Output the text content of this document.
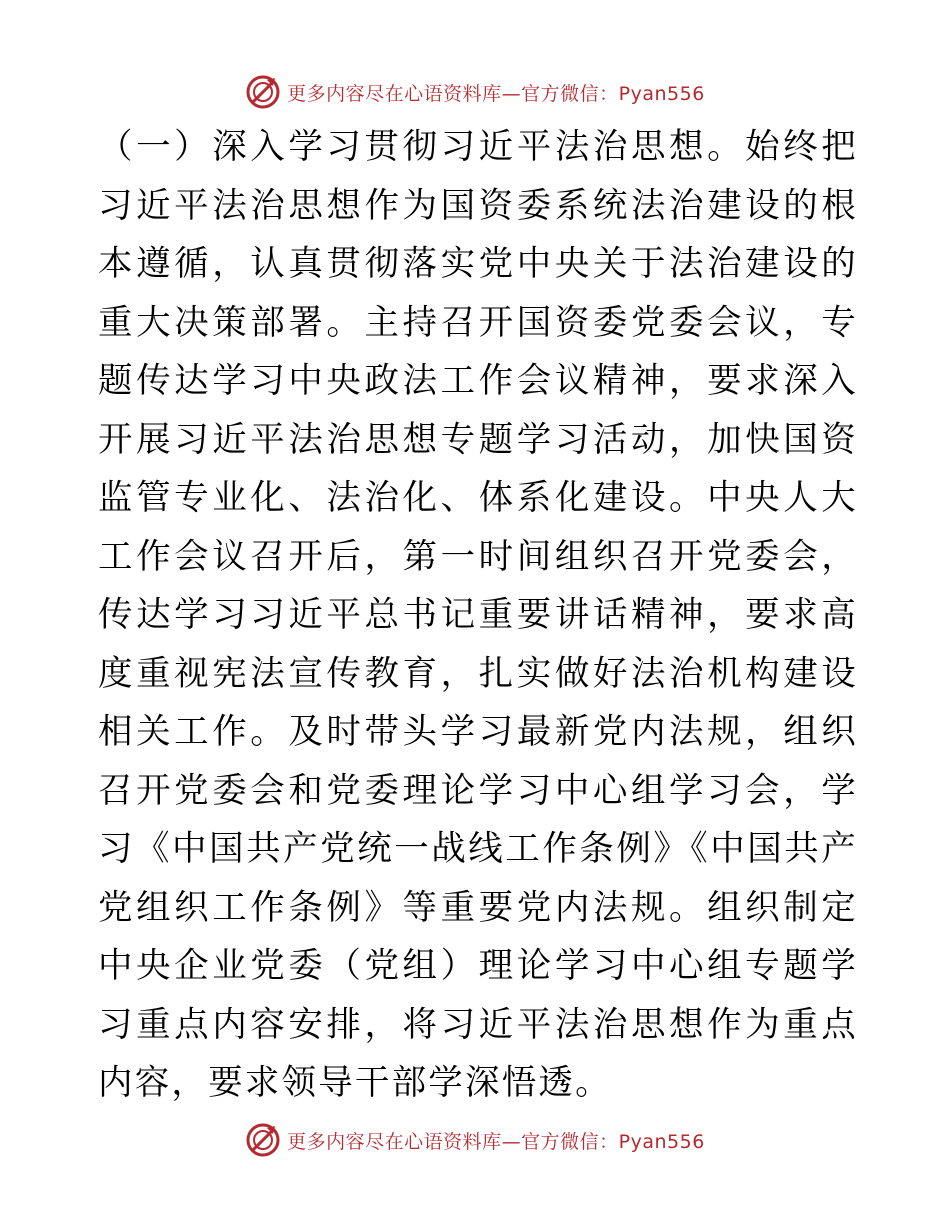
更多内容尽在心语资料库—官方微信：Pyan556

（一）深入学习贯彻习近平法治思想。始终把习近平法治思想作为国资委系统法治建设的根本遵循，认真贯彻落实党中央关于法治建设的重大决策部署。主持召开国资委党委会议，专题传达学习中央政法工作会议精神，要求深入开展习近平法治思想专题学习活动，加快国资监管专业化、法治化、体系化建设。中央人大工作会议召开后，第一时间组织召开党委会，传达学习习近平总书记重要讲话精神，要求高度重视宪法宣传教育，扎实做好法治机构建设相关工作。及时带头学习最新党内法规，组织召开党委会和党委理论学习中心组学习会，学习《中国共产党统一战线工作条例》《中国共产党组织工作条例》等重要党内法规。组织制定中央企业党委（党组）理论学习中心组专题学习重点内容安排，将习近平法治思想作为重点内容，要求领导干部学深悟透。

更多内容尽在心语资料库—官方微信：Pyan556
